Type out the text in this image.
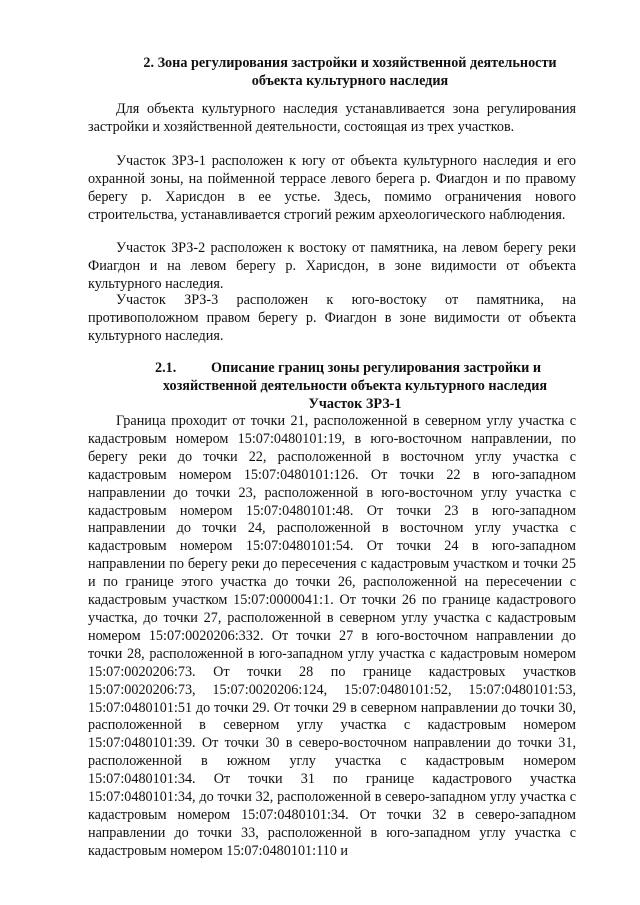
2. Зона регулирования застройки и хозяйственной деятельности
объекта культурного наследия

Для объекта культурного наследия устанавливается зона регулирования застройки и хозяйственной деятельности, состоящая из трех участков.

Участок ЗРЗ-1 расположен к югу от объекта культурного наследия и его охранной зоны, на пойменной террасе левого берега р. Фиагдон и по правому берегу р. Харисдон в ее устье. Здесь, помимо ограничения нового строительства, устанавливается строгий режим археологического наблюдения.

Участок ЗРЗ-2 расположен к востоку от памятника, на левом берегу реки Фиагдон и на левом берегу р. Харисдон, в зоне видимости от объекта культурного наследия.

Участок ЗРЗ-3 расположен к юго-востоку от памятника, на противоположном правом берегу р. Фиагдон в зоне видимости от объекта культурного наследия.

2.1. Описание границ зоны регулирования застройки и
хозяйственной деятельности объекта культурного наследия
Участок ЗРЗ-1

Граница проходит от точки 21, расположенной в северном углу участка с кадастровым номером 15:07:0480101:19, в юго-восточном направлении, по берегу реки до точки 22, расположенной в восточном углу участка с кадастровым номером 15:07:0480101:126. От точки 22 в юго-западном направлении до точки 23, расположенной в юго-восточном углу участка с кадастровым номером 15:07:0480101:48. От точки 23 в юго-западном направлении до точки 24, расположенной в восточном углу участка с кадастровым номером 15:07:0480101:54. От точки 24 в юго-западном направлении по берегу реки до пересечения с кадастровым участком и точки 25 и по границе этого участка до точки 26, расположенной на пересечении с кадастровым участком 15:07:0000041:1. От точки 26 по границе кадастрового участка, до точки 27, расположенной в северном углу участка с кадастровым номером 15:07:0020206:332. От точки 27 в юго-восточном направлении до точки 28, расположенной в юго-западном углу участка с кадастровым номером 15:07:0020206:73. От точки 28 по границе кадастровых участков 15:07:0020206:73, 15:07:0020206:124, 15:07:0480101:52, 15:07:0480101:53, 15:07:0480101:51 до точки 29. От точки 29 в северном направлении до точки 30, расположенной в северном углу участка с кадастровым номером 15:07:0480101:39. От точки 30 в северо-восточном направлении до точки 31, расположенной в южном углу участка с кадастровым номером 15:07:0480101:34. От точки 31 по границе кадастрового участка 15:07:0480101:34, до точки 32, расположенной в северо-западном углу участка с кадастровым номером 15:07:0480101:34. От точки 32 в северо-западном направлении до точки 33, расположенной в юго-западном углу участка с кадастровым номером 15:07:0480101:110 и
